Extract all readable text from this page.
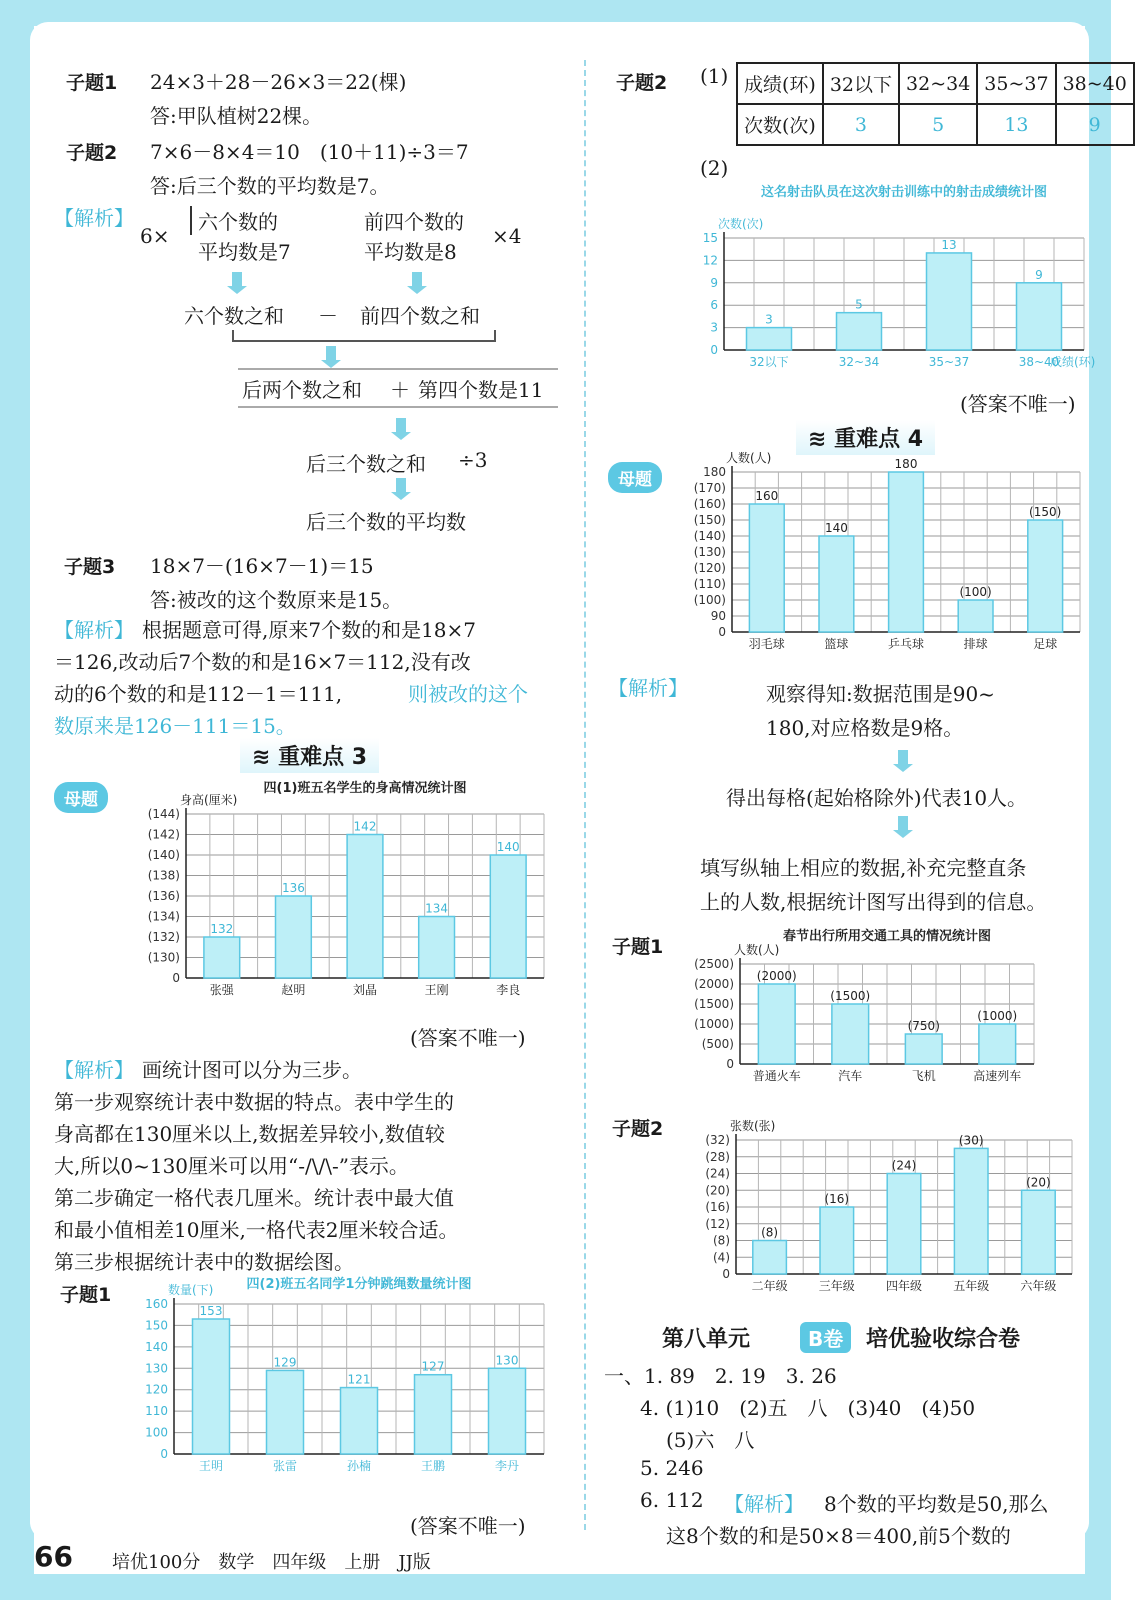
子题1 24×3＋28－26×3＝22(棵)
答:甲队植树22棵。
子题2 7×6－8×4＝10　(10＋11)÷3＝7
答:后三个数的平均数是7。
【解析】
6×
六个数的
平均数是7
前四个数的
平均数是8
×4
六个数之和 － 前四个数之和
后两个数之和 ＋ 第四个数是11
后三个数之和 ÷3
后三个数的平均数
子题3 18×7－(16×7－1)＝15
答:被改的这个数原来是15。
【解析】 根据题意可得,原来7个数的和是18×7
＝126,改动后7个数的和是16×7＝112,没有改
动的6个数的和是112－1＝111,	则被改的这个
数原来是126－111＝15。
≋ 重难点 3
母题
四(1)班五名学生的身高情况统计图
身高(厘米)
(144)
(142)
(140)
(138)
(136)
(134)
(132)
(130)
0
132
张强
136
赵明
142
刘晶
134
王刚
140
李良
(答案不唯一)
【解析】 画统计图可以分为三步。
第一步观察统计表中数据的特点。表中学生的
身高都在130厘米以上,数据差异较小,数值较
大,所以0~130厘米可以用“-/\/\-”表示。
第二步确定一格代表几厘米。统计表中最大值
和最小值相差10厘米,一格代表2厘米较合适。
第三步根据统计表中的数据绘图。
子题1	四(2)班五名同学1分钟跳绳数量统计图
数量(下)
160
150
140
130
120
110
100
0
153
王明
129
张雷
121
孙楠
127
王鹏
130
李丹
(答案不唯一)
子题2 (1) 成绩(环)	32以下	32~34	35~37	38~40
次数(次)	3	5	13	9
(2)
这名射击队员在这次射击训练中的射击成绩统计图
次数(次)
15
12
9
6
3
0
3
32以下
5
32~34
13
35~37
9
38~40
成绩(环)
(答案不唯一)
≋ 重难点 4
母题
人数(人)
180
(170)
(160)
(150)
(140)
(130)
(120)
(110)
(100)
90
0
160
羽毛球
140
篮球
180
乒乓球
(100)
排球
(150)
足球
【解析】	观察得知:数据范围是90~
180,对应格数是9格。
得出每格(起始格除外)代表10人。
填写纵轴上相应的数据,补充完整直条
上的人数,根据统计图写出得到的信息。
子题1	春节出行所用交通工具的情况统计图
人数(人)
(2500)
(2000)
(1500)
(1000)
(500)
0
(2000)
普通火车
(1500)
汽车
(750)
飞机
(1000)
高速列车
子题2	张数(张)
(32)
(28)
(24)
(20)
(16)
(12)
(8)
(4)
0
(8)
二年级
(16)
三年级
(24)
四年级
(30)
五年级
(20)
六年级
第八单元	B卷	培优验收综合卷
一、1. 89　2. 19　3. 26
4. (1)10　(2)五　八　(3)40　(4)50
(5)六　八
5. 246
6. 112 【解析】 8个数的平均数是50,那么
这8个数的和是50×8＝400,前5个数的
66 培优100分　数学　四年级　上册　JJ版
